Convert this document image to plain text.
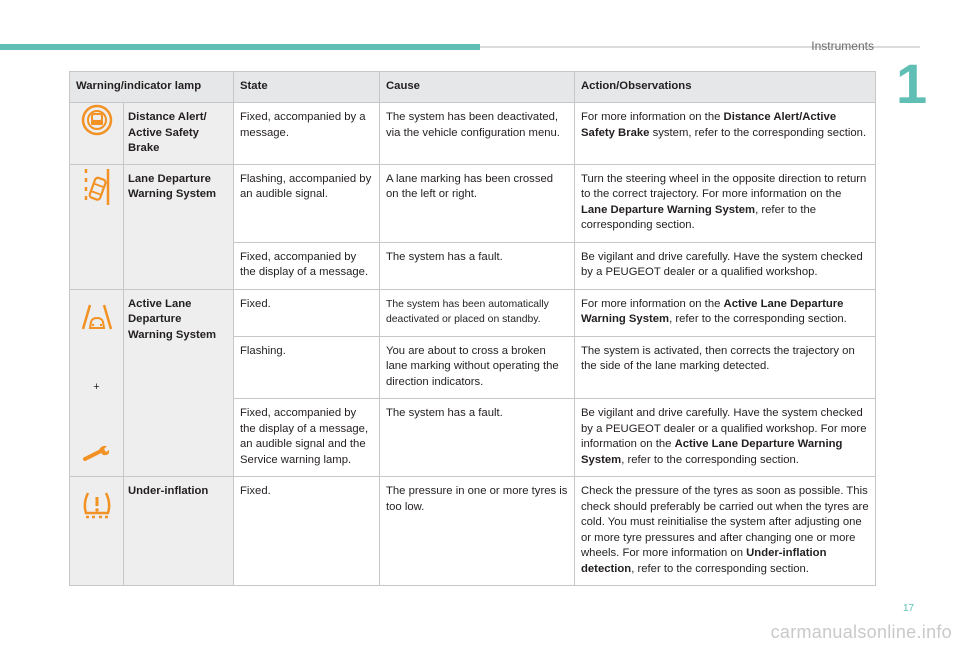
Instruments
1
Warning/indicator lamp		State	Cause	Action/Observations

	Distance Alert/ Active Safety Brake	Fixed, accompanied by a message.	The system has been deactivated, via the vehicle configuration menu.	For more information on the Distance Alert/Active Safety Brake system, refer to the corresponding section.

	Lane Departure Warning System	Flashing, accompanied by an audible signal.	A lane marking has been crossed on the left or right.	Turn the steering wheel in the opposite direction to return to the correct trajectory. For more information on the Lane Departure Warning System, refer to the corresponding section.
		Fixed, accompanied by the display of a message.	The system has a fault.	Be vigilant and drive carefully. Have the system checked by a PEUGEOT dealer or a qualified workshop.

+	Active Lane Departure Warning System	Fixed.	The system has been automatically deactivated or placed on standby.	For more information on the Active Lane Departure Warning System, refer to the corresponding section.
		Flashing.	You are about to cross a broken lane marking without operating the direction indicators.	The system is activated, then corrects the trajectory on the side of the lane marking detected.
		Fixed, accompanied by the display of a message, an audible signal and the Service warning lamp.	The system has a fault.	Be vigilant and drive carefully. Have the system checked by a PEUGEOT dealer or a qualified workshop. For more information on the Active Lane Departure Warning System, refer to the corresponding section.

	Under-inflation	Fixed.	The pressure in one or more tyres is too low.	Check the pressure of the tyres as soon as possible. This check should preferably be carried out when the tyres are cold. You must reinitialise the system after adjusting one or more tyre pressures and after changing one or more wheels. For more information on Under-inflation detection, refer to the corresponding section.
17
carmanualsonline.info
